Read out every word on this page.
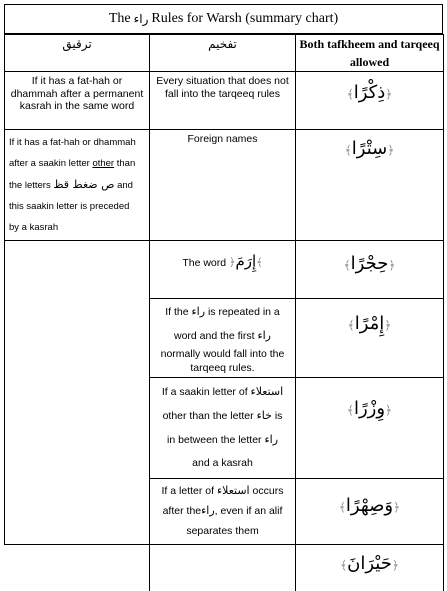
The راء Rules for Warsh (summary chart)
ترقيق	تفخيم	Both tafkheem and tarqeeq allowed

If it has a fat-hah or dhammah after a permanent kasrah in the same word	Every situation that does not fall into the tarqeeq rules	﴿ذِكْرًا﴾

If it has a fat-hah or dhammah
after a saakin letter other than
the letters ص ضغط قظ and
this saakin letter is preceded
by a kasrah	Foreign names	﴿سِتْرًا﴾

	The word ﴿إِرَمَ﴾	﴿حِجْرًا﴾

	If the راء is repeated in a
word and the first راء
normally would fall into the
tarqeeq rules.	﴿إِمْرًا﴾

	If a saakin letter of استعلاء
other than the letter خاء is
in between the letter راء
and a kasrah	﴿وِزْرًا﴾

	If a letter of استعلاء occurs
after theراء, even if an alif
separates them	﴿وَصِهْرًا﴾

		﴿حَيْرَانَ﴾
